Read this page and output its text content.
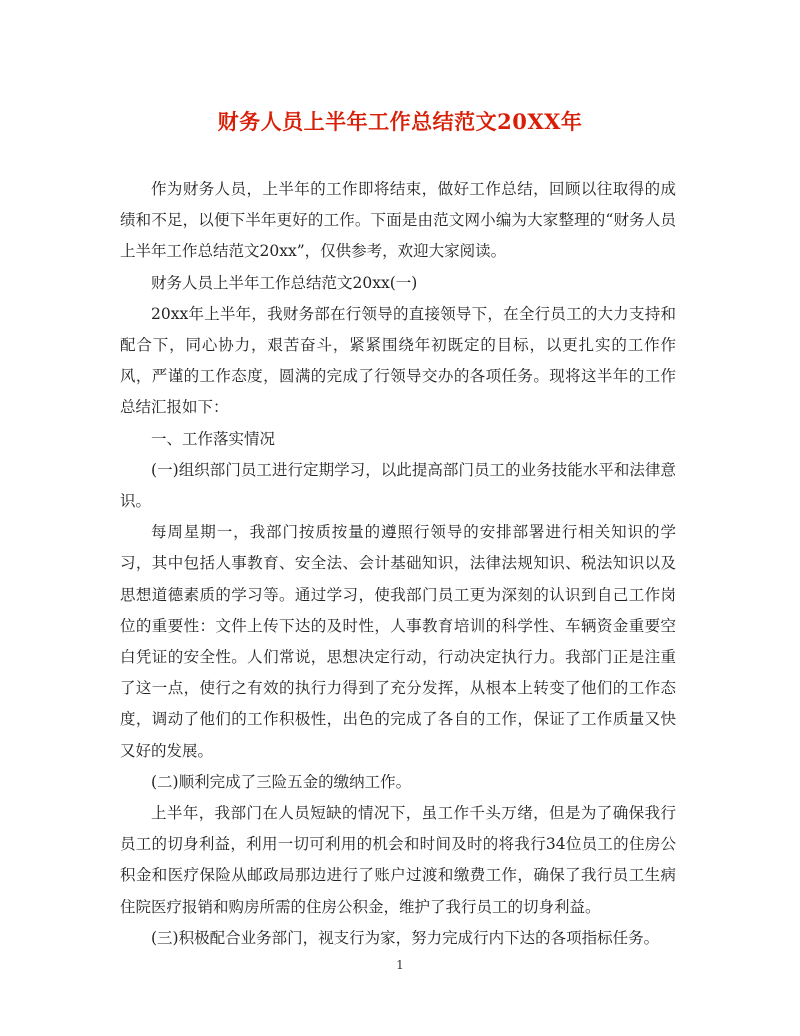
财务人员上半年工作总结范文20XX年

作为财务人员，上半年的工作即将结束，做好工作总结，回顾以往取得的成绩和不足，以便下半年更好的工作。下面是由范文网小编为大家整理的“财务人员上半年工作总结范文20xx”，仅供参考，欢迎大家阅读。

财务人员上半年工作总结范文20xx(一)

20xx年上半年，我财务部在行领导的直接领导下，在全行员工的大力支持和配合下，同心协力，艰苦奋斗，紧紧围绕年初既定的目标，以更扎实的工作作风，严谨的工作态度，圆满的完成了行领导交办的各项任务。现将这半年的工作总结汇报如下：

一、工作落实情况

(一)组织部门员工进行定期学习，以此提高部门员工的业务技能水平和法律意识。

每周星期一，我部门按质按量的遵照行领导的安排部署进行相关知识的学习，其中包括人事教育、安全法、会计基础知识，法律法规知识、税法知识以及思想道德素质的学习等。通过学习，使我部门员工更为深刻的认识到自己工作岗位的重要性：文件上传下达的及时性，人事教育培训的科学性、车辆资金重要空白凭证的安全性。人们常说，思想决定行动，行动决定执行力。我部门正是注重了这一点，使行之有效的执行力得到了充分发挥，从根本上转变了他们的工作态度，调动了他们的工作积极性，出色的完成了各自的工作，保证了工作质量又快又好的发展。

(二)顺利完成了三险五金的缴纳工作。

上半年，我部门在人员短缺的情况下，虽工作千头万绪，但是为了确保我行员工的切身利益，利用一切可利用的机会和时间及时的将我行34位员工的住房公积金和医疗保险从邮政局那边进行了账户过渡和缴费工作，确保了我行员工生病住院医疗报销和购房所需的住房公积金，维护了我行员工的切身利益。

(三)积极配合业务部门，视支行为家，努力完成行内下达的各项指标任务。

1
